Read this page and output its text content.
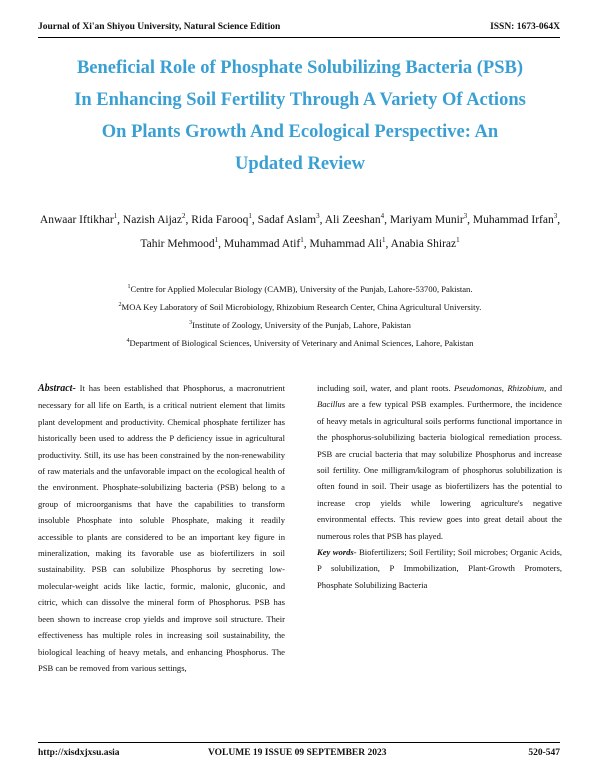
Journal of Xi'an Shiyou University, Natural Science Edition	ISSN: 1673-064X
Beneficial Role of Phosphate Solubilizing Bacteria (PSB)
In Enhancing Soil Fertility Through A Variety Of Actions
On Plants Growth And Ecological Perspective: An
Updated Review
Anwaar Iftikhar$^1$, Nazish Aijaz$^2$, Rida Farooq$^1$, Sadaf Aslam$^3$, Ali Zeeshan$^4$, Mariyam Munir$^3$, Muhammad Irfan$^3$, Tahir Mehmood$^1$, Muhammad Atif$^1$, Muhammad Ali$^1$, Anabia Shiraz$^1$
$^1$Centre for Applied Molecular Biology (CAMB), University of the Punjab, Lahore-53700, Pakistan.
$^2$MOA Key Laboratory of Soil Microbiology, Rhizobium Research Center, China Agricultural University.
$^3$Institute of Zoology, University of the Punjab, Lahore, Pakistan
$^4$Department of Biological Sciences, University of Veterinary and Animal Sciences, Lahore, Pakistan
Abstract- It has been established that Phosphorus, a macronutrient necessary for all life on Earth, is a critical nutrient element that limits plant development and productivity. Chemical phosphate fertilizer has historically been used to address the P deficiency issue in agricultural productivity. Still, its use has been constrained by the non-renewability of raw materials and the unfavorable impact on the ecological health of the environment. Phosphate-solubilizing bacteria (PSB) belong to a group of microorganisms that have the capabilities to transform insoluble Phosphate into soluble Phosphate, making it readily accessible to plants are considered to be an important key figure in mineralization, making its favorable use as biofertilizers in soil sustainability. PSB can solubilize Phosphorus by secreting low-molecular-weight acids like lactic, formic, malonic, gluconic, and citric, which can dissolve the mineral form of Phosphorus. PSB has been shown to increase crop yields and improve soil structure. Their effectiveness has multiple roles in increasing soil sustainability, the biological leaching of heavy metals, and enhancing Phosphorus. The PSB can be removed from various settings,
including soil, water, and plant roots. Pseudomonas, Rhizobium, and Bacillus are a few typical PSB examples. Furthermore, the incidence of heavy metals in agricultural soils performs functional importance in the phosphorus-solubilizing bacteria biological remediation process. PSB are crucial bacteria that may solubilize Phosphorus and increase soil fertility. One milligram/kilogram of phosphorus solubilization is often found in soil. Their usage as biofertilizers has the potential to increase crop yields while lowering agriculture's negative environmental effects. This review goes into great detail about the numerous roles that PSB has played.
Key words- Biofertilizers; Soil Fertility; Soil microbes; Organic Acids, P solubilization, P Immobilization, Plant-Growth Promoters, Phosphate Solubilizing Bacteria
http://xisdxjxsu.asia	VOLUME 19 ISSUE 09 SEPTEMBER 2023	520-547
